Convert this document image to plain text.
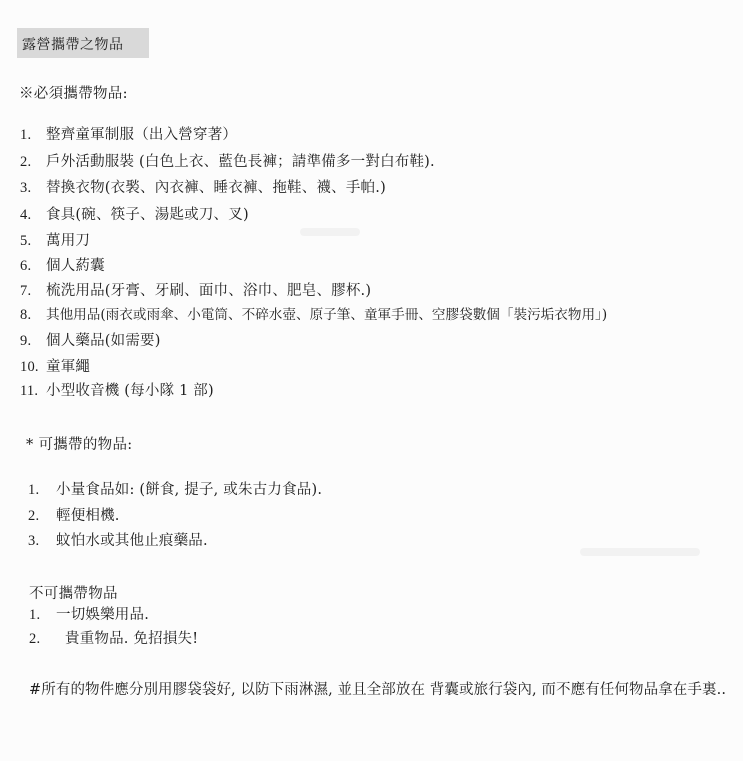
露營攜帶之物品
※必須攜帶物品:
1. 整齊童軍制服（出入營穿著）
2. 戶外活動服裝 (白色上衣、藍色長褲；請準備多一對白布鞋).
3. 替換衣物(衣褧、內衣褲、睡衣褲、拖鞋、襪、手帕.)
4. 食具(碗、筷子、湯匙或刀、叉)
5. 萬用刀
6. 個人葯囊
7. 梳洗用品(牙膏、牙刷、面巾、浴巾、肥皂、膠杯.)
8. 其他用品(雨衣或雨傘、小電筒、不碎水壺、原子筆、童軍手冊、空膠袋數個「裝污垢衣物用」)
9. 個人藥品(如需要)
10. 童軍繩
11. 小型收音機 (每小隊 1 部)
* 可攜帶的物品:
1. 小量食品如: (餅食, 提子, 或朱古力食品).
2. 輕便相機.
3. 蚊怕水或其他止痕藥品.
不可攜帶物品
1. 一切娛樂用品.
2. 貴重物品. 免招損失!
#所有的物件應分別用膠袋袋好, 以防下雨淋濕, 並且全部放在 背囊或旅行袋內, 而不應有任何物品拿在手裏..
